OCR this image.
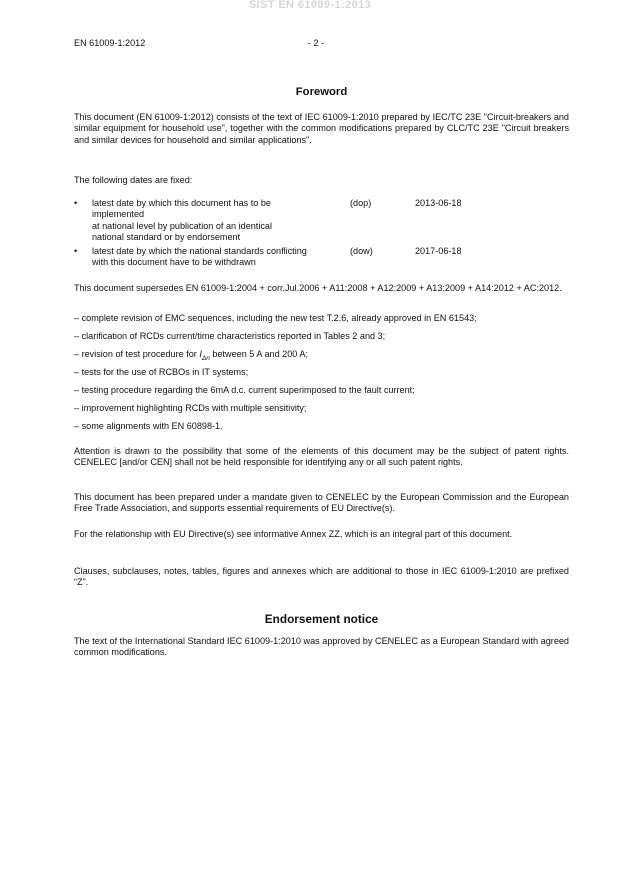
SIST EN 61009-1:2013
EN 61009-1:2012	- 2 -
Foreword
This document (EN 61009-1:2012) consists of the text of IEC 61009-1:2010 prepared by IEC/TC 23E "Circuit-breakers and similar equipment for household use", together with the common modifications prepared by CLC/TC 23E "Circuit breakers and similar devices for household and similar applications".
The following dates are fixed:
• latest date by which this document has to be
implemented
at national level by publication of an identical
national standard or by endorsement
(dop)	2013-06-18
• latest date by which the national standards conflicting
with this document have to be withdrawn
(dow)	2017-06-18
This document supersedes EN 61009-1:2004 + corr.Jul.2006 + A11:2008 + A12:2009 + A13:2009 + A14:2012 + AC:2012.
– complete revision of EMC sequences, including the new test T.2.6, already approved in EN 61543;
– clarification of RCDs current/time characteristics reported in Tables 2 and 3;
– revision of test procedure for $I_{\Delta n}$ between 5 A and 200 A;
– tests for the use of RCBOs in IT systems;
– testing procedure regarding the 6mA d.c. current superimposed to the fault current;
– improvement highlighting RCDs with multiple sensitivity;
– some alignments with EN 60898-1.
Attention is drawn to the possibility that some of the elements of this document may be the subject of patent rights. CENELEC [and/or CEN] shall not be held responsible for identifying any or all such patent rights.
This document has been prepared under a mandate given to CENELEC by the European Commission and the European Free Trade Association, and supports essential requirements of EU Directive(s).
For the relationship with EU Directive(s) see informative Annex ZZ, which is an integral part of this document.
Clauses, subclauses, notes, tables, figures and annexes which are additional to those in IEC 61009-1:2010 are prefixed “Z”.
Endorsement notice
The text of the International Standard IEC 61009-1:2010 was approved by CENELEC as a European Standard with agreed common modifications.
